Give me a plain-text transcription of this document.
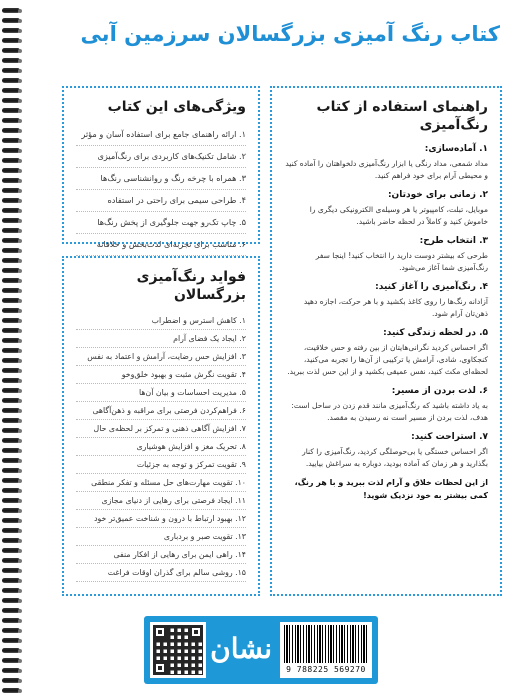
کتاب رنگ آمیزی بزرگسالان سرزمین آبی
راهنمای استفاده از کتاب رنگ‌آمیزی
۱. آماده‌سازی:
مداد شمعی، مداد رنگی یا ابزار رنگ‌آمیزی دلخواهتان را آماده کنید و محیطی آرام برای خود فراهم کنید.
۲. زمانی برای خودتان:
موبایل، تبلت، کامپیوتر یا هر وسیله‌ی الکترونیکی دیگری را خاموش کنید و کاملاً در لحظه حاضر باشید.
۳. انتخاب طرح:
طرحی که بیشتر دوست دارید را انتخاب کنید! اینجا سفر رنگ‌آمیزی شما آغاز می‌شود.
۴. رنگ‌آمیزی را آغاز کنید:
آزادانه رنگ‌ها را روی کاغذ بکشید و با هر حرکت، اجازه دهید ذهن‌تان آرام شود.
۵. در لحظه زندگی کنید:
اگر احساس کردید نگرانی‌هایتان از بین رفته و حس خلاقیت، کنجکاوی، شادی، آرامش یا ترکیبی از آن‌ها را تجربه می‌کنید، لحظه‌ای مکث کنید، نفس عمیقی بکشید و از این حس لذت ببرید.
۶. لذت بردن از مسیر:
به یاد داشته باشید که رنگ‌آمیزی مانند قدم زدن در ساحل است: هدف، لذت بردن از مسیر است نه رسیدن به مقصد.
۷. استراحت کنید:
اگر احساس خستگی یا بی‌حوصلگی کردید، رنگ‌آمیزی را کنار بگذارید و هر زمان که آماده بودید، دوباره به سراغش بیایید.
از این لحظات خلاق و آرام لذت ببرید و با هر رنگ، کمی بیشتر به خود نزدیک شوید!
ویژگی‌های این کتاب
۱. ارائه راهنمای جامع برای استفاده آسان و مؤثر
۲. شامل تکنیک‌های کاربردی برای رنگ‌آمیزی
۳. همراه با چرخه رنگ و روانشناسی رنگ‌ها
۴. طراحی سیمی برای راحتی در استفاده
۵. چاپ تک‌رو جهت جلوگیری از پخش رنگ‌ها
۶. مناسب برای تجربه‌ای لذت‌بخش و خلاقانه
فواید رنگ‌آمیزی بزرگسالان
۱. کاهش استرس و اضطراب
۲. ایجاد یک فضای آرام
۳. افزایش حس رضایت، آرامش و اعتماد به نفس
۴. تقویت نگرش مثبت و بهبود خلق‌وخو
۵. مدیریت احساسات و بیان آن‌ها
۶. فراهم‌کردن فرصتی برای مراقبه و ذهن‌آگاهی
۷. افزایش آگاهی ذهنی و تمرکز بر لحظه‌ی حال
۸. تحریک مغز و افزایش هوشیاری
۹. تقویت تمرکز و توجه به جزئیات
۱۰. تقویت مهارت‌های حل مسئله و تفکر منطقی
۱۱. ایجاد فرصتی برای رهایی از دنیای مجازی
۱۲. بهبود ارتباط با درون و شناخت عمیق‌تر خود
۱۳. تقویت صبر و بردباری
۱۴. راهی ایمن برای رهایی از افکار منفی
۱۵. روشی سالم برای گذران اوقات فراغت
نشان
9 788225 569270
